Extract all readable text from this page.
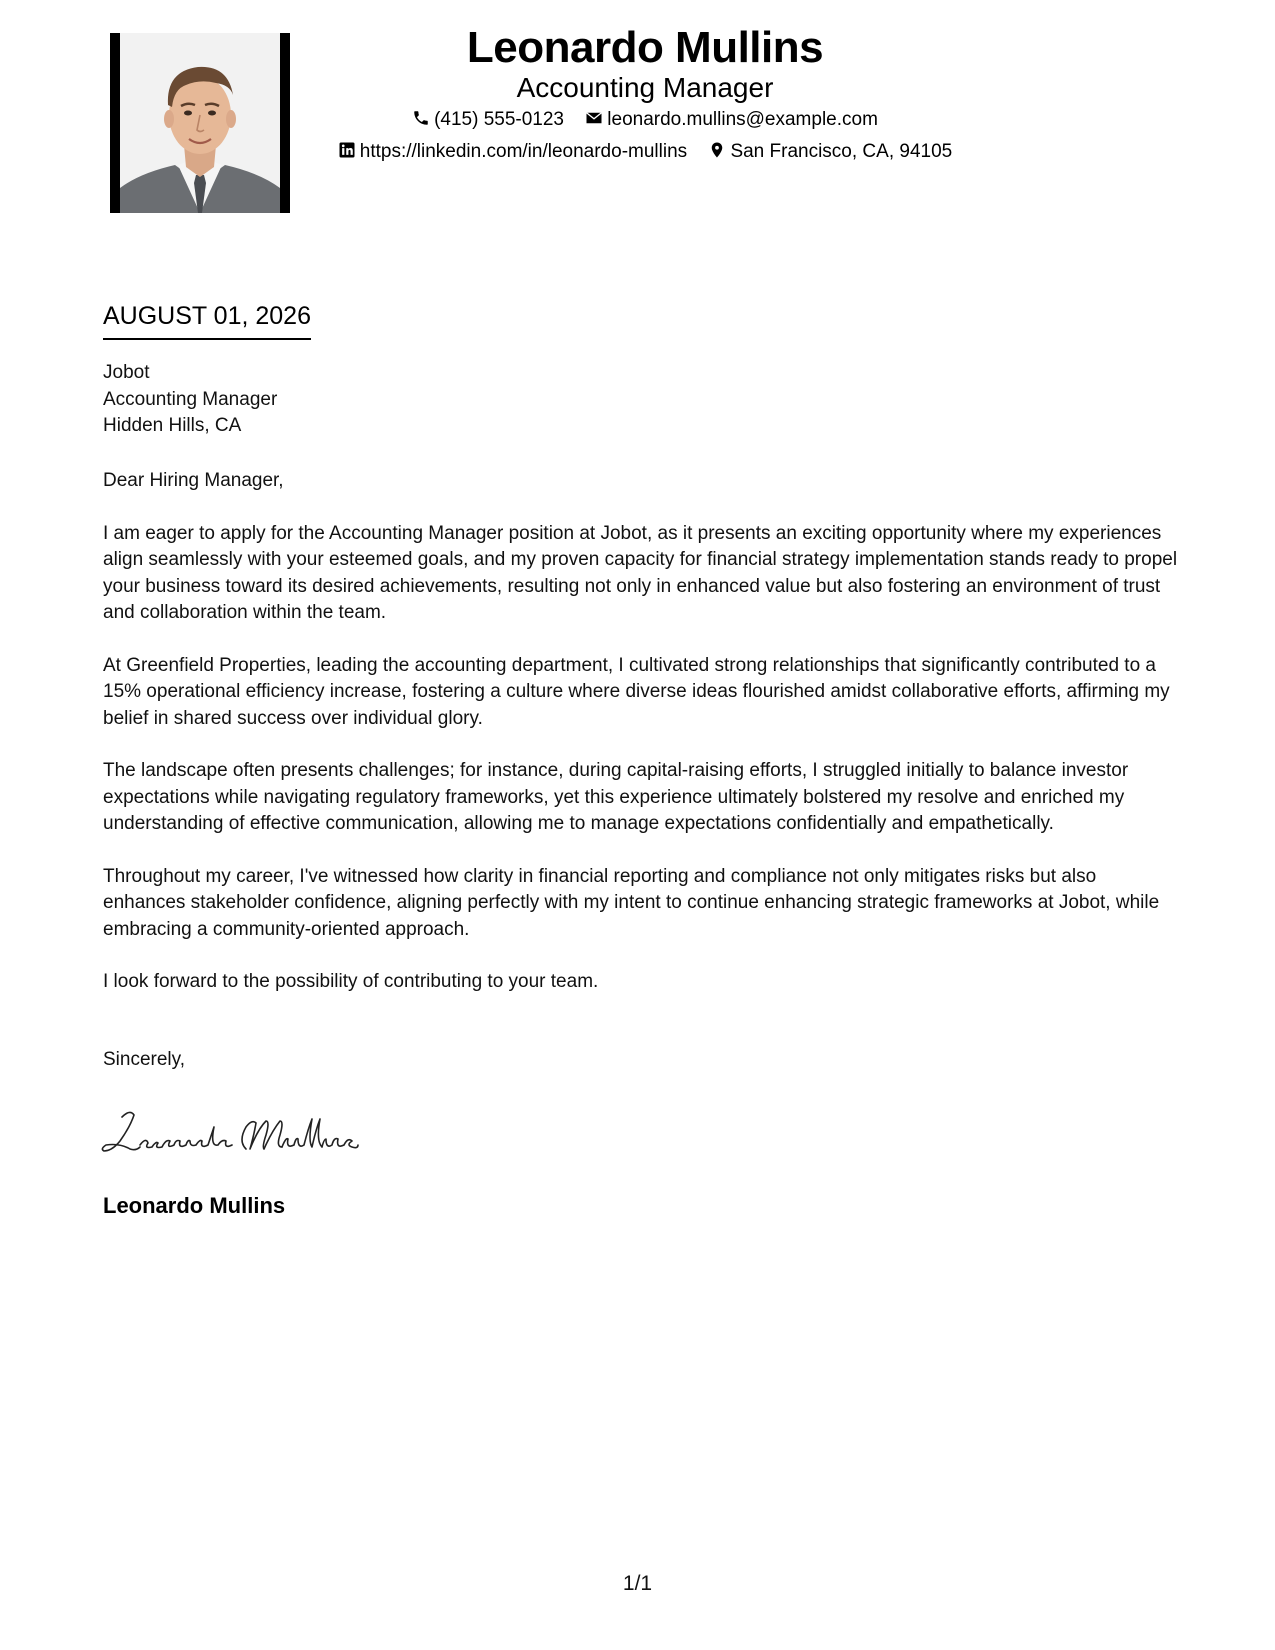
Leonardo Mullins
Accounting Manager
(415) 555-0123 leonardo.mullins@example.com
https://linkedin.com/in/leonardo-mullins San Francisco, CA, 94105
AUGUST 01, 2026
Jobot
Accounting Manager
Hidden Hills, CA

Dear Hiring Manager,

I am eager to apply for the Accounting Manager position at Jobot, as it presents an exciting opportunity where my experiences align seamlessly with your esteemed goals, and my proven capacity for financial strategy implementation stands ready to propel your business toward its desired achievements, resulting not only in enhanced value but also fostering an environment of trust and collaboration within the team.

At Greenfield Properties, leading the accounting department, I cultivated strong relationships that significantly contributed to a 15% operational efficiency increase, fostering a culture where diverse ideas flourished amidst collaborative efforts, affirming my belief in shared success over individual glory.

The landscape often presents challenges; for instance, during capital-raising efforts, I struggled initially to balance investor expectations while navigating regulatory frameworks, yet this experience ultimately bolstered my resolve and enriched my understanding of effective communication, allowing me to manage expectations confidentially and empathetically.

Throughout my career, I've witnessed how clarity in financial reporting and compliance not only mitigates risks but also enhances stakeholder confidence, aligning perfectly with my intent to continue enhancing strategic frameworks at Jobot, while embracing a community-oriented approach.

I look forward to the possibility of contributing to your team.

Sincerely,
Leonardo Mullins
1/1
